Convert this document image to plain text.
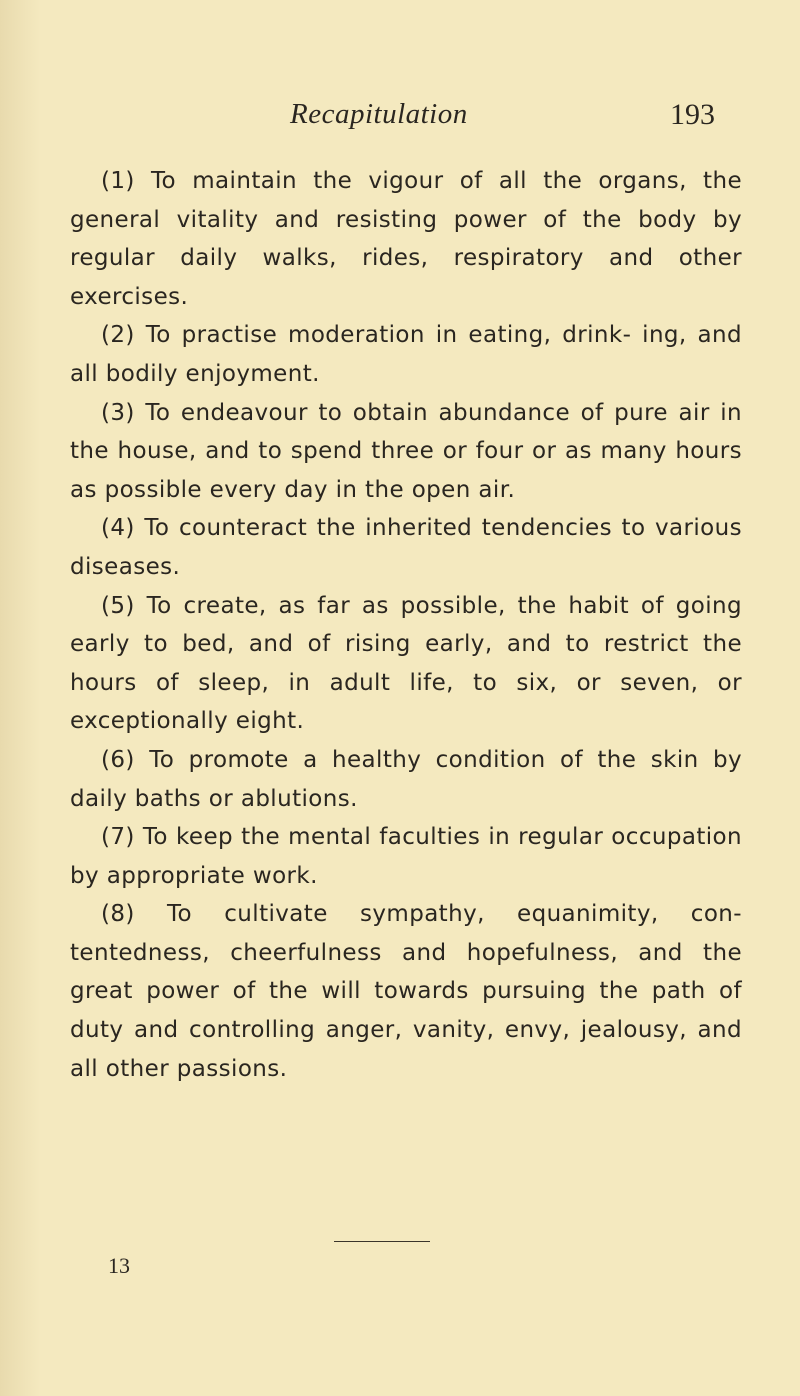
Recapitulation	193

(1) To maintain the vigour of all the organs, the general vitality and resisting power of the body by regular daily walks, rides, respiratory and other exercises.

(2) To practise moderation in eating, drink- ing, and all bodily enjoyment.

(3) To endeavour to obtain abundance of pure air in the house, and to spend three or four or as many hours as possible every day in the open air.

(4) To counteract the inherited tendencies to various diseases.

(5) To create, as far as possible, the habit of going early to bed, and of rising early, and to restrict the hours of sleep, in adult life, to six, or seven, or exceptionally eight.

(6) To promote a healthy condition of the skin by daily baths or ablutions.

(7) To keep the mental faculties in regular occupation by appropriate work.

(8) To cultivate sympathy, equanimity, con- tentedness, cheerfulness and hopefulness, and the great power of the will towards pursuing the path of duty and controlling anger, vanity, envy, jealousy, and all other passions.

13
